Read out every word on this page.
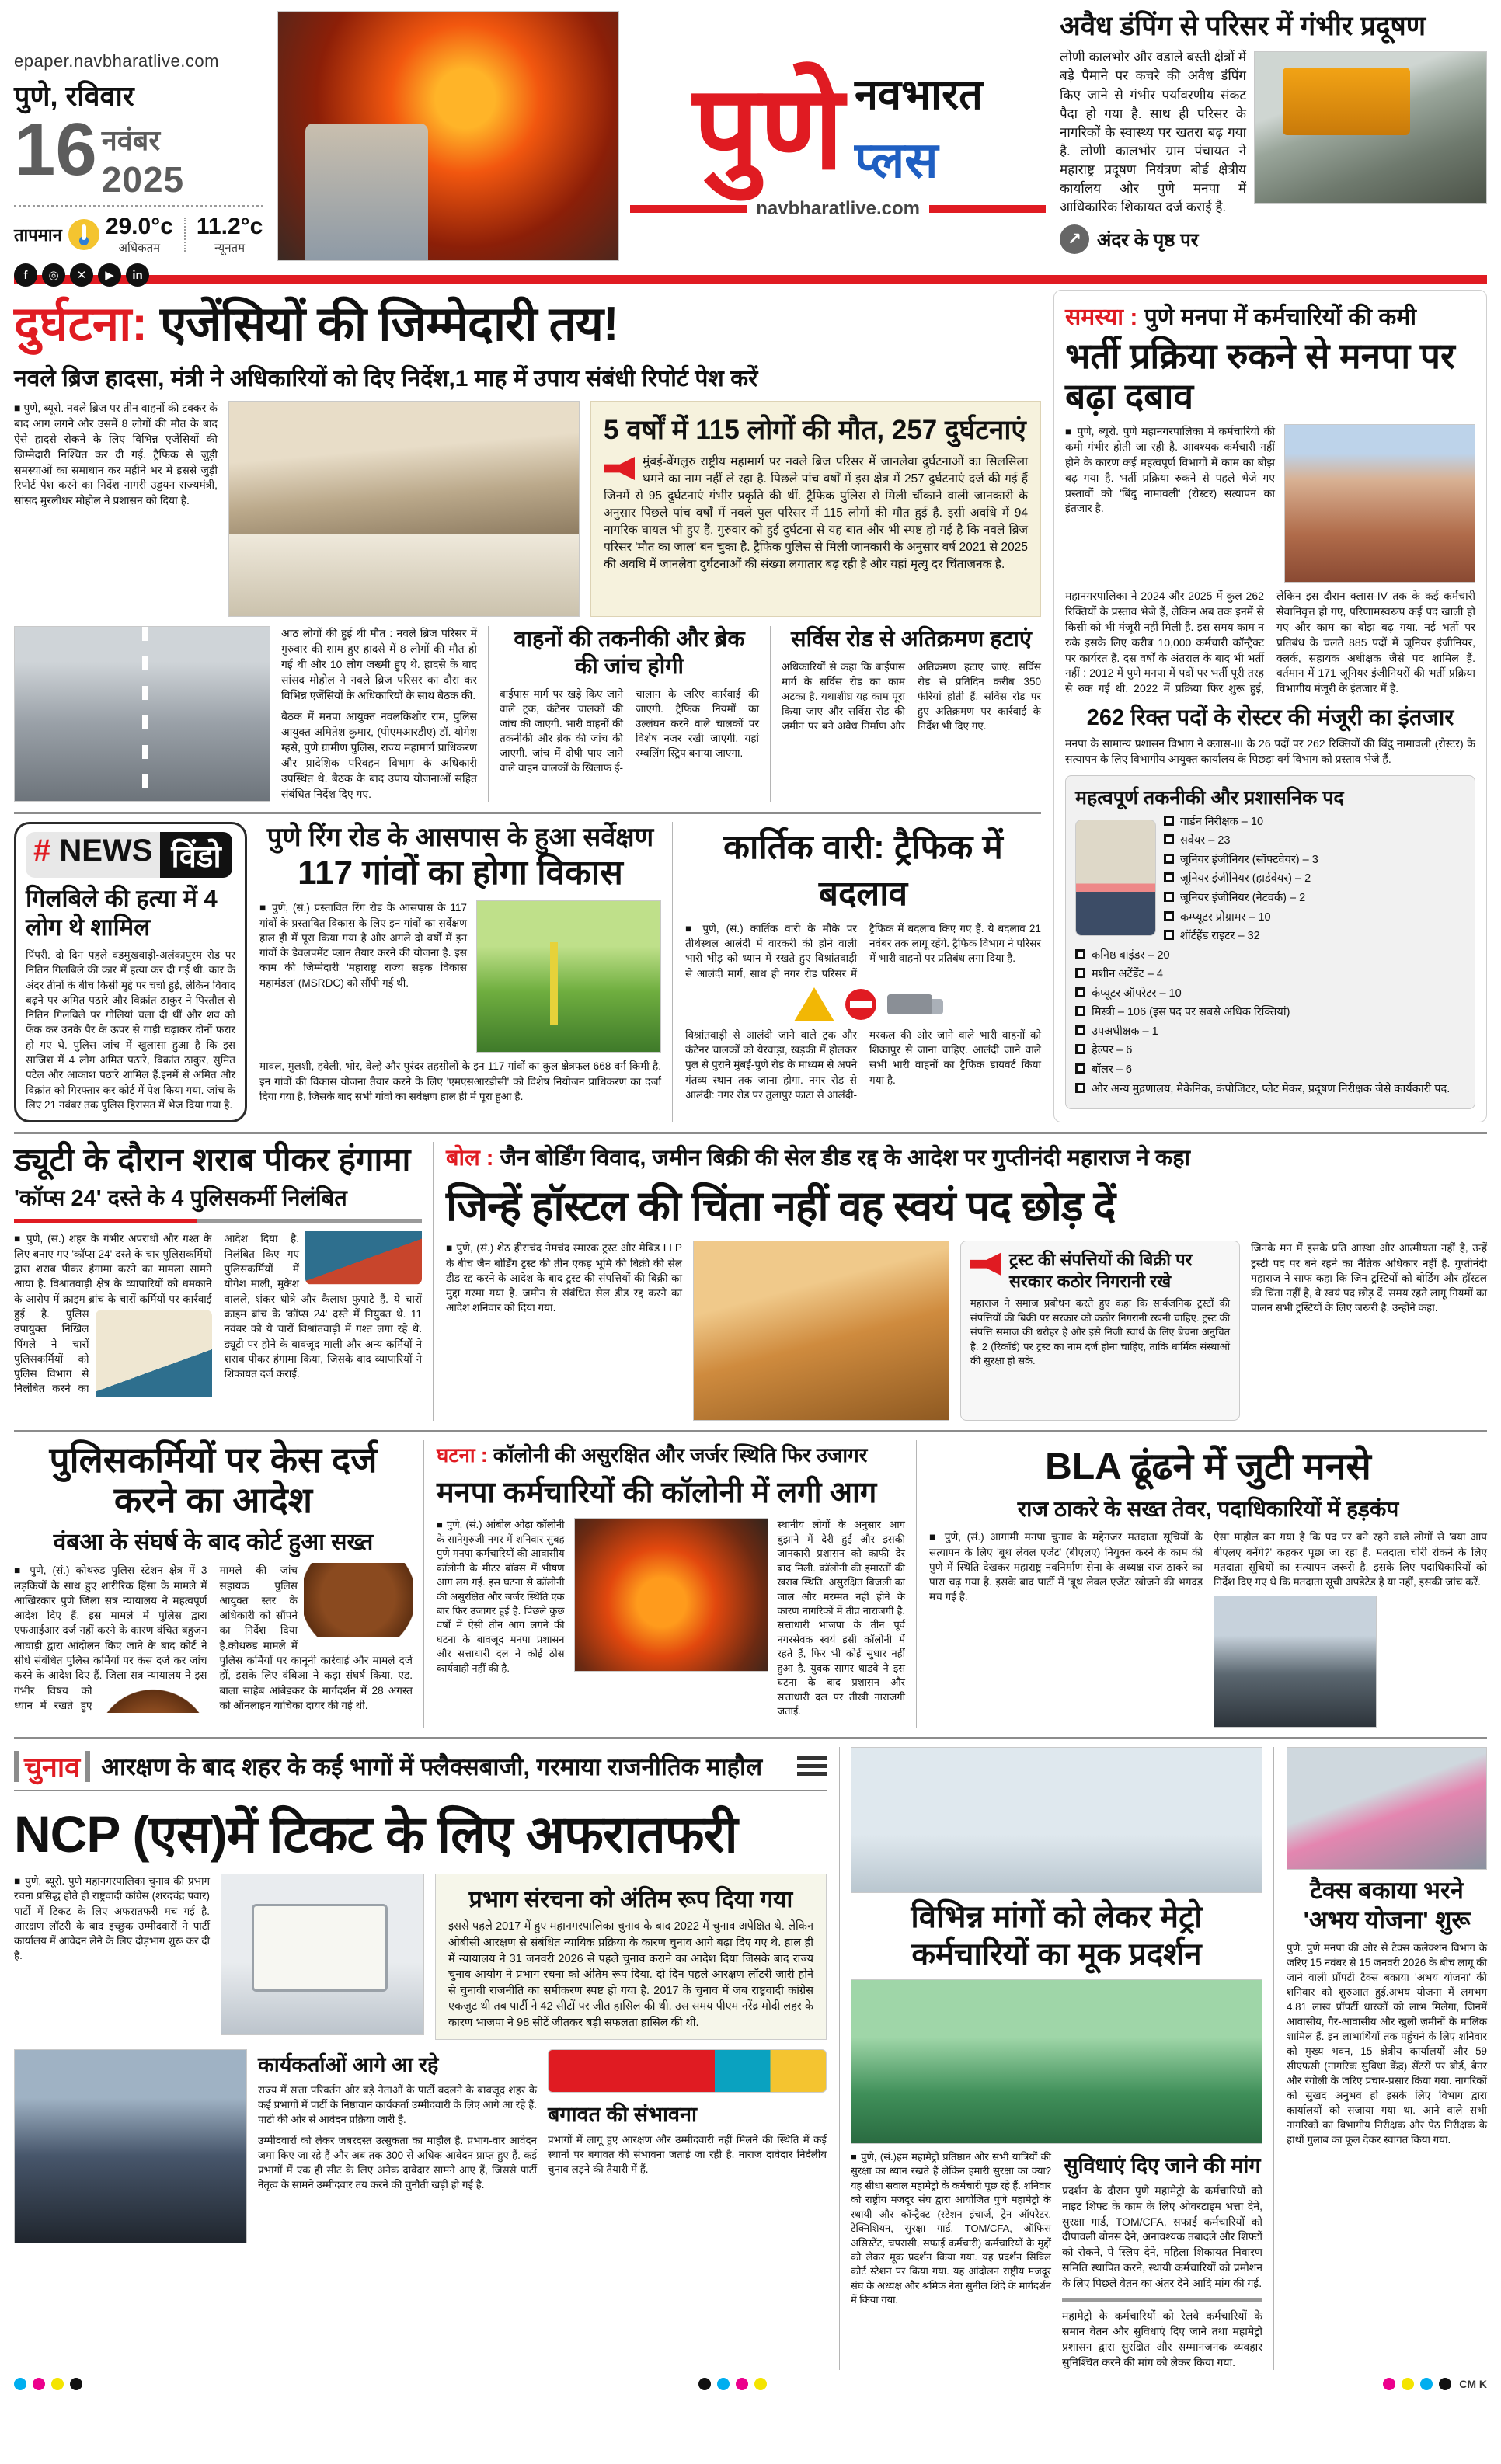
epaper.navbharatlive.com
पुणे, रविवार
16 नवंबर
2025
तापमान 29.0°c
अधिकतम
11.2°c
न्यूनतम
f	◎	✕	▶	in
पुणे नवभारत
प्लस
navbharatlive.com
अवैध डंपिंग से परिसर में गंभीर प्रदूषण
लोणी कालभोर और वडाले बस्ती क्षेत्रों में बड़े पैमाने पर कचरे की अवैध डंपिंग किए जाने से गंभीर पर्यावरणीय संकट पैदा हो गया है. साथ ही परिसर के नागरिकों के स्वास्थ्य पर खतरा बढ़ गया है. लोणी कालभोर ग्राम पंचायत ने महाराष्ट्र प्रदूषण नियंत्रण बोर्ड क्षेत्रीय कार्यालय और पुणे मनपा में आधिकारिक शिकायत दर्ज कराई है.
↗ अंदर के पृष्ठ पर
दुर्घटना: एजेंसियों की जिम्मेदारी तय!
नवले ब्रिज हादसा, मंत्री ने अधिकारियों को दिए निर्देश,1 माह में उपाय संबंधी रिपोर्ट पेश करें
■ पुणे, ब्यूरो. नवले ब्रिज पर तीन वाहनों की टक्कर के बाद आग लगने और उसमें 8 लोगों की मौत के बाद ऐसे हादसे रोकने के लिए विभिन्न एजेंसियों की जिम्मेदारी निश्चित कर दी गई. ट्रैफिक से जुड़ी समस्याओं का समाधान कर महीने भर में इससे जुड़ी रिपोर्ट पेश करने का निर्देश नागरी उड्डयन राज्यमंत्री, सांसद मुरलीधर मोहोल ने प्रशासन को दिया है.
5 वर्षों में 115 लोगों की मौत, 257 दुर्घटनाएं
मुंबई-बेंगलुरु राष्ट्रीय महामार्ग पर नवले ब्रिज परिसर में जानलेवा दुर्घटनाओं का सिलसिला थमने का नाम नहीं ले रहा है. पिछले पांच वर्षों में इस क्षेत्र में 257 दुर्घटनाएं दर्ज की गई हैं जिनमें से 95 दुर्घटनाएं गंभीर प्रकृति की थीं. ट्रैफिक पुलिस से मिली चौंकाने वाली जानकारी के अनुसार पिछले पांच वर्षों में नवले पुल परिसर में 115 लोगों की मौत हुई है. इसी अवधि में 94 नागरिक घायल भी हुए हैं. गुरुवार को हुई दुर्घटना से यह बात और भी स्पष्ट हो गई है कि नवले ब्रिज परिसर 'मौत का जाल' बन चुका है. ट्रैफिक पुलिस से मिली जानकारी के अनुसार वर्ष 2021 से 2025 की अवधि में जानलेवा दुर्घटनाओं की संख्या लगातार बढ़ रही है और यहां मृत्यु दर चिंताजनक है.
आठ लोगों की हुई थी मौत : नवले ब्रिज परिसर में गुरुवार की शाम हुए हादसे में 8 लोगों की मौत हो गई थी और 10 लोग जख्मी हुए थे. हादसे के बाद सांसद मोहोल ने नवले ब्रिज परिसर का दौरा कर विभिन्न एजेंसियों के अधिकारियों के साथ बैठक की.
बैठक में मनपा आयुक्त नवलकिशोर राम, पुलिस आयुक्त अमितेश कुमार, (पीएमआरडीए) डॉ. योगेश म्हसे, पुणे ग्रामीण पुलिस, राज्य महामार्ग प्राधिकरण और प्रादेशिक परिवहन विभाग के अधिकारी उपस्थित थे. बैठक के बाद उपाय योजनाओं सहित संबंधित निर्देश दिए गए.
वाहनों की तकनीकी और ब्रेक की जांच होगी
बाईपास मार्ग पर खड़े किए जाने वाले ट्रक, कंटेनर चालकों की जांच की जाएगी. भारी वाहनों की तकनीकी और ब्रेक की जांच की जाएगी. जांच में दोषी पाए जाने वाले वाहन चालकों के खिलाफ ई-चालान के जरिए कार्रवाई की जाएगी. ट्रैफिक नियमों का उल्लंघन करने वाले चालकों पर विशेष नजर रखी जाएगी. यहां रम्बलिंग स्ट्रिप बनाया जाएगा.
सर्विस रोड से अतिक्रमण हटाएं
अधिकारियों से कहा कि बाईपास मार्ग के सर्विस रोड का काम अटका है. यथाशीघ्र यह काम पूरा किया जाए और सर्विस रोड की जमीन पर बने अवैध निर्माण और अतिक्रमण हटाए जाएं. सर्विस रोड से प्रतिदिन करीब 350 फेरियां होती हैं. सर्विस रोड पर हुए अतिक्रमण पर कार्रवाई के निर्देश भी दिए गए.
# NEWS विंडो
गिलबिले की हत्या में 4 लोग थे शामिल
पिंपरी. दो दिन पहले वडमुखवाड़ी-अलंकापुरम रोड पर नितिन गिलबिले की कार में हत्या कर दी गई थी. कार के अंदर तीनों के बीच किसी मुद्दे पर चर्चा हुई, लेकिन विवाद बढ़ने पर अमित पठारे और विक्रांत ठाकुर ने पिस्तौल से नितिन गिलबिले पर गोलियां चला दी थीं और शव को फेंक कर उनके पैर के ऊपर से गाड़ी चढ़ाकर दोनों फरार हो गए थे. पुलिस जांच में खुलासा हुआ है कि इस साजिश में 4 लोग अमित पठारे, विक्रांत ठाकुर, सुमित पटेल और आकाश पठारे शामिल हैं.इनमें से अमित और विक्रांत को गिरफ्तार कर कोर्ट में पेश किया गया. जांच के लिए 21 नवंबर तक पुलिस हिरासत में भेज दिया गया है.
पुणे रिंग रोड के आसपास के हुआ सर्वेक्षण
117 गांवों का होगा विकास
■ पुणे, (सं.) प्रस्तावित रिंग रोड के आसपास के 117 गांवों के प्रस्तावित विकास के लिए इन गांवों का सर्वेक्षण हाल ही में पूरा किया गया है और अगले दो वर्षों में इन गांवों के डेवलपमेंट प्लान तैयार करने की योजना है. इस काम की जिम्मेदारी 'महाराष्ट्र राज्य सड़क विकास महामंडल' (MSRDC) को सौंपी गई थी.
मावल, मुलशी, हवेली, भोर, वेल्हे और पुरंदर तहसीलों के इन 117 गांवों का कुल क्षेत्रफल 668 वर्ग किमी है. इन गांवों की विकास योजना तैयार करने के लिए 'एमएसआरडीसी' को विशेष नियोजन प्राधिकरण का दर्जा दिया गया है, जिसके बाद सभी गांवों का सर्वेक्षण हाल ही में पूरा हुआ है.
कार्तिक वारी: ट्रैफिक में बदलाव
■ पुणे, (सं.) कार्तिक वारी के मौके पर तीर्थस्थल आलंदी में वारकरी की होने वाली भारी भीड़ को ध्यान में रखते हुए विश्रांतवाड़ी से आलंदी मार्ग, साथ ही नगर रोड परिसर में ट्रैफिक में बदलाव किए गए हैं. ये बदलाव 21 नवंबर तक लागू रहेंगे. ट्रैफिक विभाग ने परिसर में भारी वाहनों पर प्रतिबंध लगा दिया है.
विश्रांतवाड़ी से आलंदी जाने वाले ट्रक और कंटेनर चालकों को येरवाड़ा, खड़की में होलकर पुल से पुराने मुंबई-पुणे रोड के माध्यम से अपने गंतव्य स्थान तक जाना होगा. नगर रोड से आलंदी: नगर रोड पर तुलापुर फाटा से आलंदी-मरकल की ओर जाने वाले भारी वाहनों को शिक्रापुर से जाना चाहिए. आलंदी जाने वाले सभी भारी वाहनों का ट्रैफिक डायवर्ट किया गया है.
समस्या : पुणे मनपा में कर्मचारियों की कमी
भर्ती प्रक्रिया रुकने से मनपा पर बढ़ा दबाव
■ पुणे, ब्यूरो. पुणे महानगरपालिका में कर्मचारियों की कमी गंभीर होती जा रही है. आवश्यक कर्मचारी नहीं होने के कारण कई महत्वपूर्ण विभागों में काम का बोझ बढ़ गया है. भर्ती प्रक्रिया रुकने से पहले भेजे गए प्रस्तावों को 'बिंदु नामावली' (रोस्टर) सत्यापन का इंतजार है.
महानगरपालिका ने 2024 और 2025 में कुल 262 रिक्तियों के प्रस्ताव भेजे हैं, लेकिन अब तक इनमें से किसी को भी मंजूरी नहीं मिली है. इस समय काम न रुके इसके लिए करीब 10,000 कर्मचारी कॉन्ट्रैक्ट पर कार्यरत हैं. दस वर्षों के अंतराल के बाद भी भर्ती नहीं : 2012 में पुणे मनपा में पदों पर भर्ती पूरी तरह से रुक गई थी. 2022 में प्रक्रिया फिर शुरू हुई, लेकिन इस दौरान क्लास-IV तक के कई कर्मचारी सेवानिवृत्त हो गए, परिणामस्वरूप कई पद खाली हो गए और काम का बोझ बढ़ गया. नई भर्ती पर प्रतिबंध के चलते 885 पदों में जूनियर इंजीनियर, क्लर्क, सहायक अधीक्षक जैसे पद शामिल हैं. वर्तमान में 171 जूनियर इंजीनियरों की भर्ती प्रक्रिया विभागीय मंजूरी के इंतजार में है.
262 रिक्त पदों के रोस्टर की मंजूरी का इंतजार
मनपा के सामान्य प्रशासन विभाग ने क्लास-III के 26 पदों पर 262 रिक्तियों की बिंदु नामावली (रोस्टर) के सत्यापन के लिए विभागीय आयुक्त कार्यालय के पिछड़ा वर्ग विभाग को प्रस्ताव भेजे हैं.
महत्वपूर्ण तकनीकी और प्रशासनिक पद
गार्डन निरीक्षक – 10
सर्वेयर – 23
जूनियर इंजीनियर (सॉफ्टवेयर) – 3
जूनियर इंजीनियर (हार्डवेयर) – 2
जूनियर इंजीनियर (नेटवर्क) – 2
कम्प्यूटर प्रोग्रामर – 10
शॉर्टहैंड राइटर – 32
कनिष्ठ बाइंडर – 20
मशीन अटेंडेंट – 4
कंप्यूटर ऑपरेटर – 10
मिस्त्री – 106 (इस पद पर सबसे अधिक रिक्तियां)
उपअधीक्षक – 1
हेल्पर – 6
बॉलर – 6
और अन्य मुद्रणालय, मैकेनिक, कंपोजिटर, प्लेट मेकर, प्रदूषण निरीक्षक जैसे कार्यकारी पद.
ड्यूटी के दौरान शराब पीकर हंगामा
'कॉप्स 24' दस्ते के 4 पुलिसकर्मी निलंबित
■ पुणे, (सं.) शहर के गंभीर अपराधों और गश्त के लिए बनाए गए 'कॉप्स 24' दस्ते के चार पुलिसकर्मियों द्वारा शराब पीकर हंगामा करने का मामला सामने आया है. विश्रांतवाड़ी क्षेत्र के व्यापारियों को धमकाने के आरोप में क्राइम ब्रांच के चारों कर्मियों पर कार्रवाई हुई है. पुलिस उपायुक्त निखिल पिंगले ने चारों पुलिसकर्मियों को पुलिस विभाग से निलंबित करने का आदेश दिया है. निलंबित किए गए पुलिसकर्मियों में योगेश माली, मुकेश वालले, शंकर धोत्रे और कैलाश फुपाटे हैं. ये चारों क्राइम ब्रांच के 'कॉप्स 24' दस्ते में नियुक्त थे. 11 नवंबर को ये चारों विश्रांतवाड़ी में गश्त लगा रहे थे. ड्यूटी पर होने के बावजूद माली और अन्य कर्मियों ने शराब पीकर हंगामा किया, जिसके बाद व्यापारियों ने शिकायत दर्ज कराई.
बोल : जैन बोर्डिंग विवाद, जमीन बिक्री की सेल डीड रद्द के आदेश पर गुप्तीनंदी महाराज ने कहा
जिन्हें हॉस्टल की चिंता नहीं वह स्वयं पद छोड़ दें
■ पुणे, (सं.) शेठ हीराचंद नेमचंद स्मारक ट्रस्ट और मेबिड LLP के बीच जैन बोर्डिंग ट्रस्ट की तीन एकड़ भूमि की बिक्री की सेल डीड रद्द करने के आदेश के बाद ट्रस्ट की संपत्तियों की बिक्री का मुद्दा गरमा गया है. जमीन से संबंधित सेल डीड रद्द करने का आदेश शनिवार को दिया गया.
ट्रस्ट की संपत्तियों की बिक्री पर सरकार कठोर निगरानी रखे
महाराज ने समाज प्रबोधन करते हुए कहा कि सार्वजनिक ट्रस्टों की संपत्तियों की बिक्री पर सरकार को कठोर निगरानी रखनी चाहिए. ट्रस्ट की संपत्ति समाज की धरोहर है और इसे निजी स्वार्थ के लिए बेचना अनुचित है. 2 (रिकॉर्ड) पर ट्रस्ट का नाम दर्ज होना चाहिए, ताकि धार्मिक संस्थाओं की सुरक्षा हो सके.
जिनके मन में इसके प्रति आस्था और आत्मीयता नहीं है, उन्हें ट्रस्टी पद पर बने रहने का नैतिक अधिकार नहीं है. गुप्तीनंदी महाराज ने साफ कहा कि जिन ट्रस्टियों को बोर्डिंग और हॉस्टल की चिंता नहीं है, वे स्वयं पद छोड़ दें. समय रहते लागू नियमों का पालन सभी ट्रस्टियों के लिए जरूरी है, उन्होंने कहा.
पुलिसकर्मियों पर केस दर्ज करने का आदेश
वंबआ के संघर्ष के बाद कोर्ट हुआ सख्त
■ पुणे, (सं.) कोथरुड पुलिस स्टेशन क्षेत्र में 3 लड़कियों के साथ हुए शारीरिक हिंसा के मामले में आखिरकार पुणे जिला सत्र न्यायालय ने महत्वपूर्ण आदेश दिए हैं. इस मामले में पुलिस द्वारा एफआईआर दर्ज नहीं करने के कारण वंचित बहुजन आघाड़ी द्वारा आंदोलन किए जाने के बाद कोर्ट ने सीधे संबंधित पुलिस कर्मियों पर केस दर्ज कर जांच करने के आदेश दिए हैं. जिला सत्र न्यायालय ने इस गंभीर विषय को ध्यान में रखते हुए मामले की जांच सहायक पुलिस आयुक्त स्तर के अधिकारी को सौंपने का निर्देश दिया है.कोथरुड मामले में पुलिस कर्मियों पर कानूनी कार्रवाई और मामले दर्ज हों, इसके लिए वंबिआ ने कड़ा संघर्ष किया. एड. बाला साहेब आंबेडकर के मार्गदर्शन में 28 अगस्त को ऑनलाइन याचिका दायर की गई थी.
घटना : कॉलोनी की असुरक्षित और जर्जर स्थिति फिर उजागर
मनपा कर्मचारियों की कॉलोनी में लगी आग
■ पुणे, (सं.) आंबील ओढ़ा कॉलोनी के सानेगुरुजी नगर में शनिवार सुबह पुणे मनपा कर्मचारियों की आवासीय कॉलोनी के मीटर बॉक्स में भीषण आग लग गई. इस घटना से कॉलोनी की असुरक्षित और जर्जर स्थिति एक बार फिर उजागर हुई है. पिछले कुछ वर्षों में ऐसी तीन आग लगने की घटना के बावजूद मनपा प्रशासन और सत्ताधारी दल ने कोई ठोस कार्यवाही नहीं की है.
स्थानीय लोगों के अनुसार आग बुझाने में देरी हुई और इसकी जानकारी प्रशासन को काफी देर बाद मिली. कॉलोनी की इमारतों की खराब स्थिति, असुरक्षित बिजली का जाल और मरम्मत नहीं होने के कारण नागरिकों में तीव्र नाराजगी है. सत्ताधारी भाजपा के तीन पूर्व नगरसेवक स्वयं इसी कॉलोनी में रहते हैं, फिर भी कोई सुधार नहीं हुआ है. युवक सागर धाडवे ने इस घटना के बाद प्रशासन और सत्ताधारी दल पर तीखी नाराजगी जताई.
BLA ढूंढने में जुटी मनसे
राज ठाकरे के सख्त तेवर, पदाधिकारियों में हड़कंप
■ पुणे, (सं.) आगामी मनपा चुनाव के मद्देनजर मतदाता सूचियों के सत्यापन के लिए 'बूथ लेवल एजेंट' (बीएलए) नियुक्त करने के काम की पुणे में स्थिति देखकर महाराष्ट्र नवनिर्माण सेना के अध्यक्ष राज ठाकरे का पारा चढ़ गया है. इसके बाद पार्टी में 'बूथ लेवल एजेंट' खोजने की भगदड़ मच गई है.
ऐसा माहौल बन गया है कि पद पर बने रहने वाले लोगों से 'क्या आप बीएलए बनेंगे?' कहकर पूछा जा रहा है. मतदाता चोरी रोकने के लिए मतदाता सूचियों का सत्यापन जरूरी है. इसके लिए पदाधिकारियों को निर्देश दिए गए थे कि मतदाता सूची अपडेटेड है या नहीं, इसकी जांच करें.
चुनाव आरक्षण के बाद शहर के कई भागों में फ्लैक्सबाजी, गरमाया राजनीतिक माहौल
NCP (एस)में टिकट के लिए अफरातफरी
■ पुणे, ब्यूरो. पुणे महानगरपालिका चुनाव की प्रभाग रचना प्रसिद्ध होते ही राष्ट्रवादी कांग्रेस (शरदचंद्र पवार) पार्टी में टिकट के लिए अफरातफरी मच गई है. आरक्षण लॉटरी के बाद इच्छुक उम्मीदवारों ने पार्टी कार्यालय में आवेदन लेने के लिए दौड़भाग शुरू कर दी है.
प्रभाग संरचना को अंतिम रूप दिया गया
इससे पहले 2017 में हुए महानगरपालिका चुनाव के बाद 2022 में चुनाव अपेक्षित थे. लेकिन ओबीसी आरक्षण से संबंधित न्यायिक प्रक्रिया के कारण चुनाव आगे बढ़ा दिए गए थे. हाल ही में न्यायालय ने 31 जनवरी 2026 से पहले चुनाव कराने का आदेश दिया जिसके बाद राज्य चुनाव आयोग ने प्रभाग रचना को अंतिम रूप दिया. दो दिन पहले आरक्षण लॉटरी जारी होने से चुनावी राजनीति का समीकरण स्पष्ट हो गया है. 2017 के चुनाव में जब राष्ट्रवादी कांग्रेस एकजुट थी तब पार्टी ने 42 सीटों पर जीत हासिल की थी. उस समय पीएम नरेंद्र मोदी लहर के कारण भाजपा ने 98 सीटें जीतकर बड़ी सफलता हासिल की थी.
कार्यकर्ताओं आगे आ रहे
राज्य में सत्ता परिवर्तन और बड़े नेताओं के पार्टी बदलने के बावजूद शहर के कई प्रभागों में पार्टी के निष्ठावान कार्यकर्ता उम्मीदवारी के लिए आगे आ रहे हैं. पार्टी की ओर से आवेदन प्रक्रिया जारी है.
उम्मीदवारों को लेकर जबरदस्त उत्सुकता का माहौल है. प्रभाग-वार आवेदन जमा किए जा रहे हैं और अब तक 300 से अधिक आवेदन प्राप्त हुए हैं. कई प्रभागों में एक ही सीट के लिए अनेक दावेदार सामने आए हैं, जिससे पार्टी नेतृत्व के सामने उम्मीदवार तय करने की चुनौती खड़ी हो गई है.
बगावत की संभावना
प्रभागों में लागू हुए आरक्षण और उम्मीदवारी नहीं मिलने की स्थिति में कई स्थानों पर बगावत की संभावना जताई जा रही है. नाराज दावेदार निर्दलीय चुनाव लड़ने की तैयारी में हैं.
विभिन्न मांगों को लेकर मेट्रो कर्मचारियों का मूक प्रदर्शन
■ पुणे, (सं.)हम महामेट्रो प्रतिष्ठान और सभी यात्रियों की सुरक्षा का ध्यान रखते हैं लेकिन हमारी सुरक्षा का क्या? यह सीधा सवाल महामेट्रो के कर्मचारी पूछ रहे हैं. शनिवार को राष्ट्रीय मजदूर संघ द्वारा आयोजित पुणे महामेट्रो के स्थायी और कॉन्ट्रैक्ट (स्टेशन इंचार्ज, ट्रेन ऑपरेटर, टेक्निशियन, सुरक्षा गार्ड, TOM/CFA, ऑफिस असिस्टेंट, चपरासी, सफाई कर्मचारी) कर्मचारियों के मुद्दों को लेकर मूक प्रदर्शन किया गया. यह प्रदर्शन सिविल कोर्ट स्टेशन पर किया गया. यह आंदोलन राष्ट्रीय मजदूर संघ के अध्यक्ष और श्रमिक नेता सुनील शिंदे के मार्गदर्शन में किया गया.
सुविधाएं दिए जाने की मांग
प्रदर्शन के दौरान पुणे महामेट्रो के कर्मचारियों को नाइट शिफ्ट के काम के लिए ओवरटाइम भत्ता देने, सुरक्षा गार्ड, TOM/CFA, सफाई कर्मचारियों को दीपावली बोनस देने, अनावश्यक तबादले और शिफ्टों को रोकने, पे स्लिप देने, महिला शिकायत निवारण समिति स्थापित करने, स्थायी कर्मचारियों को प्रमोशन के लिए पिछले वेतन का अंतर देने आदि मांग की गई.
महामेट्रो के कर्मचारियों को रेलवे कर्मचारियों के समान वेतन और सुविधाएं दिए जाने तथा महामेट्रो प्रशासन द्वारा सुरक्षित और सम्मानजनक व्यवहार सुनिश्चित करने की मांग को लेकर किया गया.
टैक्स बकाया भरने 'अभय योजना' शुरू
पुणे. पुणे मनपा की ओर से टैक्स कलेक्शन विभाग के जरिए 15 नवंबर से 15 जनवरी 2026 के बीच लागू की जाने वाली प्रॉपर्टी टैक्स बकाया 'अभय योजना' की शनिवार को शुरुआत हुई.अभय योजना में लगभग 4.81 लाख प्रॉपर्टी धारकों को लाभ मिलेगा, जिनमें आवासीय, गैर-आवासीय और खुली ज़मीनों के मालिक शामिल हैं. इन लाभार्थियों तक पहुंचने के लिए शनिवार को मुख्य भवन, 15 क्षेत्रीय कार्यालयों और 59 सीएफसी (नागरिक सुविधा केंद्र) सेंटरों पर बोर्ड, बैनर और रंगोली के जरिए प्रचार-प्रसार किया गया. नागरिकों को सुखद अनुभव हो इसके लिए विभाग द्वारा कार्यालयों को सजाया गया था. आने वाले सभी नागरिकों का विभागीय निरीक्षक और पेठ निरीक्षक के हाथों गुलाब का फूल देकर स्वागत किया गया.
CM K
